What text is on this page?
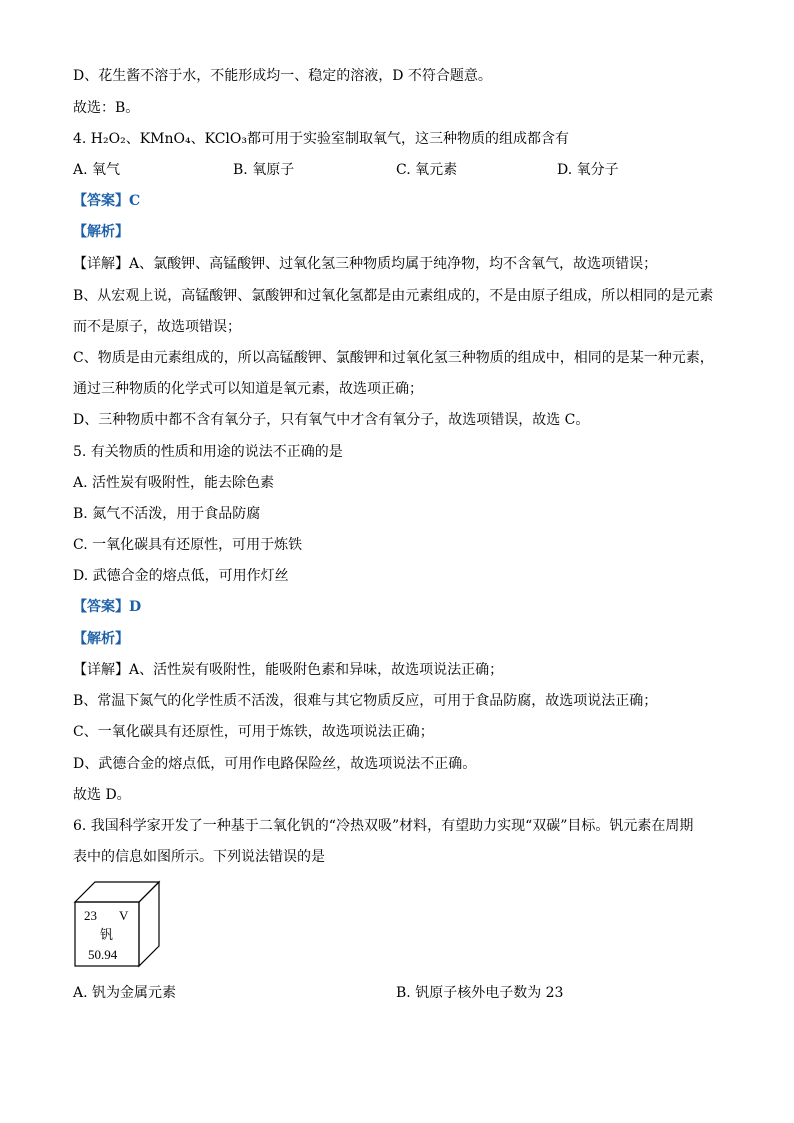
D、花生酱不溶于水，不能形成均一、稳定的溶液，D 不符合题意。
故选：B。
4. H₂O₂、KMnO₄、KClO₃都可用于实验室制取氧气，这三种物质的组成都含有
A. 氧气	B. 氧原子	C. 氧元素	D. 氧分子
【答案】C
【解析】
【详解】A、氯酸钾、高锰酸钾、过氧化氢三种物质均属于纯净物，均不含氧气，故选项错误；
B、从宏观上说，高锰酸钾、氯酸钾和过氧化氢都是由元素组成的，不是由原子组成，所以相同的是元素
而不是原子，故选项错误；
C、物质是由元素组成的，所以高锰酸钾、氯酸钾和过氧化氢三种物质的组成中，相同的是某一种元素，
通过三种物质的化学式可以知道是氧元素，故选项正确；
D、三种物质中都不含有氧分子，只有氧气中才含有氧分子，故选项错误，故选 C。
5. 有关物质的性质和用途的说法不正确的是
A. 活性炭有吸附性，能去除色素
B. 氮气不活泼，用于食品防腐
C. 一氧化碳具有还原性，可用于炼铁
D. 武德合金的熔点低，可用作灯丝
【答案】D
【解析】
【详解】A、活性炭有吸附性，能吸附色素和异味，故选项说法正确；
B、常温下氮气的化学性质不活泼，很难与其它物质反应，可用于食品防腐，故选项说法正确；
C、一氧化碳具有还原性，可用于炼铁，故选项说法正确；
D、武德合金的熔点低，可用作电路保险丝，故选项说法不正确。
故选 D。
6. 我国科学家开发了一种基于二氧化钒的“冷热双吸”材料，有望助力实现“双碳”目标。钒元素在周期
表中的信息如图所示。下列说法错误的是
23 V
钒
50.94
A. 钒为金属元素	B. 钒原子核外电子数为 23
